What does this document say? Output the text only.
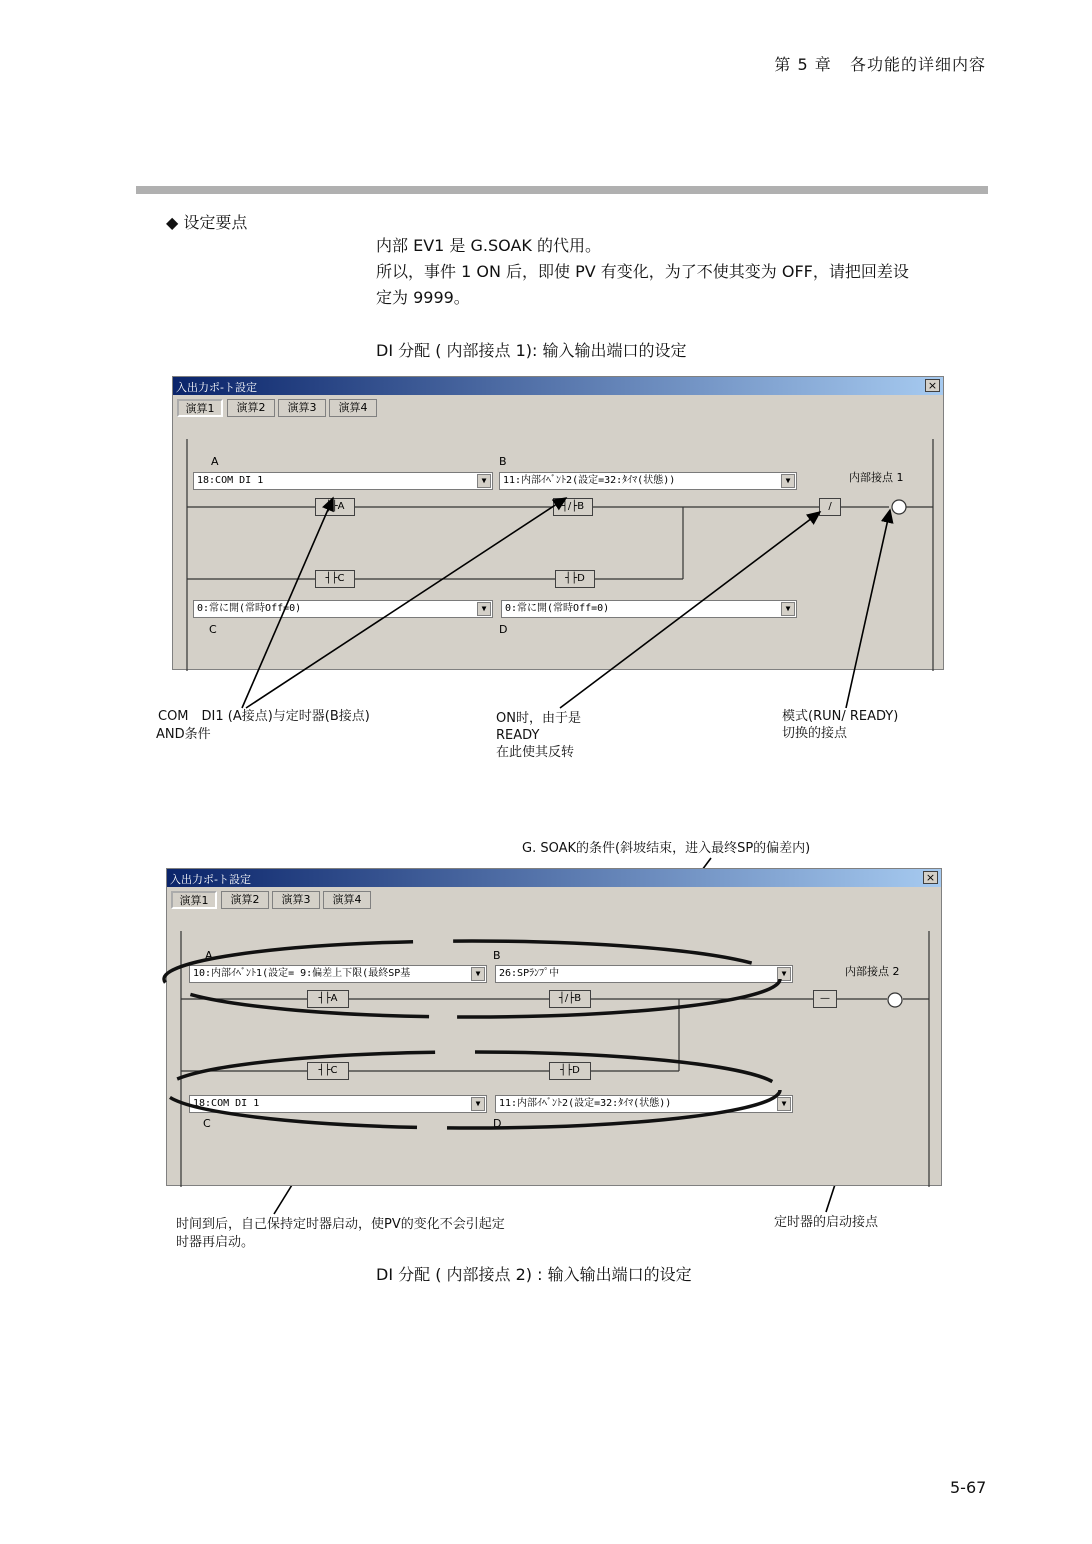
第 5 章 各功能的详细内容
◆ 设定要点
内部 EV1 是 G.SOAK 的代用。
所以，事件 1 ON 后，即使 PV 有变化，为了不使其变为 OFF，请把回差设
定为 9999。
DI 分配 ( 内部接点 1): 输入输出端口的设定
入出力ポ-ト設定	×
演算1	演算2	演算3	演算4
A	B
18:COM DI 1	▼	11:内部ｲﾍﾞﾝﾄ2(設定=32:ﾀｲﾏ(状態))	▼	内部接点 1
┤├A	┤/├B	/
┤├C	┤├D
0:常に開(常時Off=0)	▼	0:常に開(常時Off=0)	▼
C	D
COM　DI1 (A接点)与定时器(B接点)
AND条件
ON时，由于是
READY
在此使其反转
模式(RUN/ READY)
切换的接点
G. SOAK的条件(斜坡结束，进入最终SP的偏差内)
入出力ポ-ト設定	×
演算1	演算2	演算3	演算4
A	B
10:内部ｲﾍﾞﾝﾄ1(設定= 9:偏差上下限(最終SP基	▼	26:SPﾗﾝﾌﾟ中	▼	内部接点 2
┤├A	┤/├B	—
┤├C	┤├D
18:COM DI 1	▼	11:内部ｲﾍﾞﾝﾄ2(設定=32:ﾀｲﾏ(状態))	▼
C	D
时间到后，自己保持定时器启动，使PV的变化不会引起定
时器再启动。
定时器的启动接点
DI 分配 ( 内部接点 2) : 输入输出端口的设定
5-67
